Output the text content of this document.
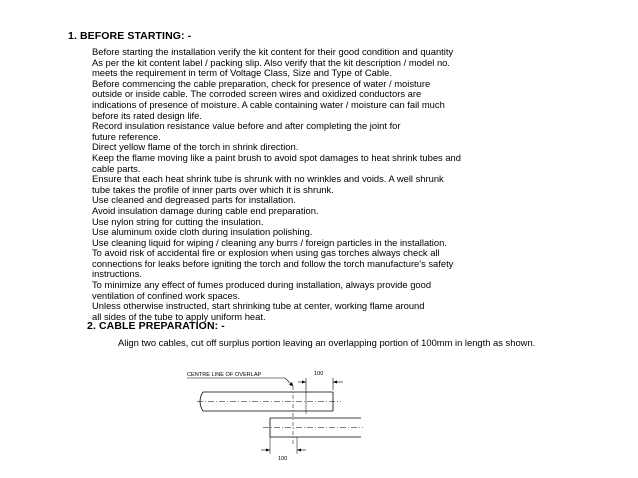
1. BEFORE STARTING: -
Before starting the installation verify the kit content for their good condition and quantity
As per the kit content label / packing slip. Also verify that the kit description / model no.
meets the requirement in term of Voltage Class, Size and Type of Cable.
Before commencing the cable preparation, check for presence of water / moisture
outside or inside cable. The corroded screen wires and oxidized conductors are
indications of presence of moisture. A cable containing water / moisture can fail much
before its rated design life.
Record insulation resistance value before and after completing the joint for
future reference.
Direct yellow flame of the torch in shrink direction.
Keep the flame moving like a paint brush to avoid spot damages to heat shrink tubes and
cable parts.
Ensure that each heat shrink tube is shrunk with no wrinkles and voids. A well shrunk
tube takes the profile of inner parts over which it is shrunk.
Use cleaned and degreased parts for installation.
Avoid insulation damage during cable end preparation.
Use nylon string for cutting the insulation.
Use aluminum oxide cloth during insulation polishing.
Use cleaning liquid for wiping / cleaning any burrs / foreign particles in the installation.
To avoid risk of accidental fire or explosion when using gas torches always check all
connections for leaks before igniting the torch and follow the torch manufacture's safety
instructions.
To minimize any effect of fumes produced during installation, always provide good
ventilation of confined work spaces.
Unless otherwise instructed, start shrinking tube at center, working flame around
all sides of the tube to apply uniform heat.
2. CABLE PREPARATION: -
Align two cables, cut off surplus portion leaving an overlapping portion of 100mm in length as shown.
CENTRE LINE OF OVERLAP	100
100
